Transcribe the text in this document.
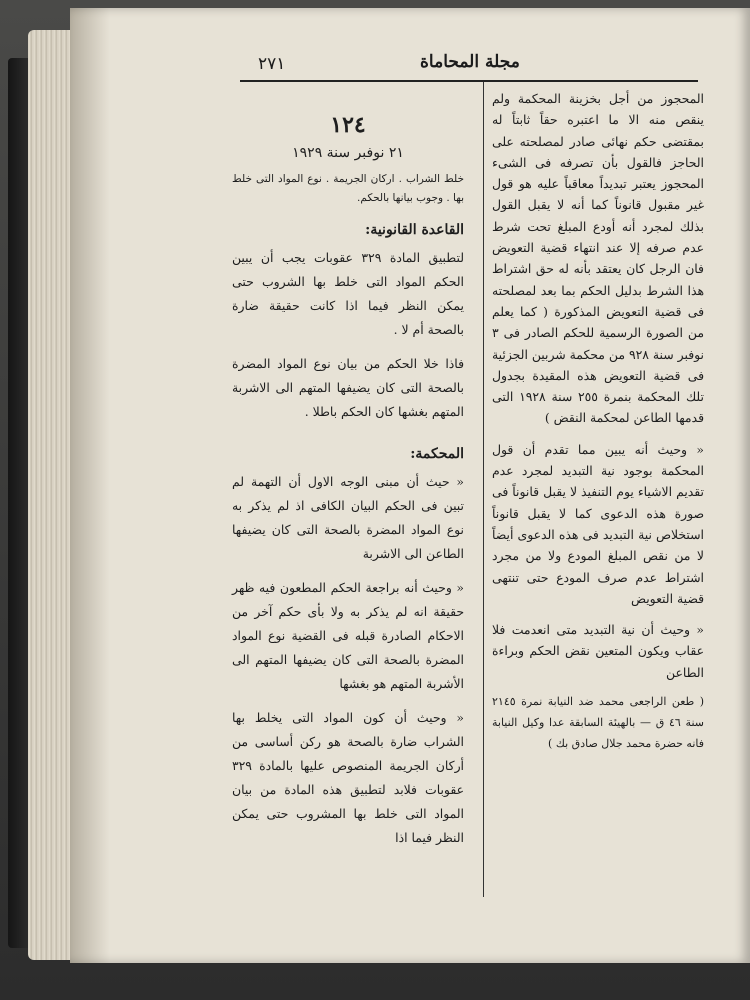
٢٧١	مجلة المحاماة

المحجوز من أجل بخزينة المحكمة ولم ينقص منه الا ما اعتبره حقاً ثابتاً له بمقتضى حكم نهائى صادر لمصلحته على الحاجز فالقول بأن تصرفه فى الشىء المحجوز يعتبر تبديداً معاقباً عليه هو قول غير مقبول قانوناً كما أنه لا يقبل القول بذلك لمجرد أنه أودع المبلغ تحت شرط عدم صرفه إلا عند انتهاء قضية التعويض فان الرجل كان يعتقد بأنه له حق اشتراط هذا الشرط بدليل الحكم بما بعد لمصلحته فى قضية التعويض المذكورة ( كما يعلم من الصورة الرسمية للحكم الصادر فى ٣ نوفبر سنة ٩٢٨ من محكمة شربين الجزئية فى قضية التعويض هذه المقيدة بجدول تلك المحكمة بنمرة ٢٥٥ سنة ١٩٢٨ التى قدمها الطاعن لمحكمة النقض )

« وحيث أنه يبين مما تقدم أن قول المحكمة بوجود نية التبديد لمجرد عدم تقديم الاشياء يوم التنفيذ لا يقبل قانوناً فى صورة هذه الدعوى كما لا يقبل قانوناً استخلاص نية التبديد فى هذه الدعوى أيضاً لا من نقص المبلغ المودع ولا من مجرد اشتراط عدم صرف المودع حتى تنتهى قضية التعويض

« وحيث أن نية التبديد متى انعدمت فلا عقاب ويكون المتعين نقض الحكم وبراءة الطاعن

( طعن الراجعى محمد ضد النيابة نمرة ٢١٤٥ سنة ٤٦ ق — بالهيئة السابقة عدا وكيل النيابة فانه حضرة محمد جلال صادق بك )

١٢٤
٢١ نوفبر سنة ١٩٢٩
خلط الشراب . اركان الجريمة . نوع المواد التى خلط بها . وجوب بيانها بالحكم.
القاعدة القانونية:

لتطبيق المادة ٣٢٩ عقوبات يجب أن يبين الحكم المواد التى خلط بها الشروب حتى يمكن النظر فيما اذا كانت حقيقة ضارة بالصحة أم لا .

فاذا خلا الحكم من بيان نوع المواد المضرة بالصحة التى كان يضيفها المتهم الى الاشربة المتهم بغشها كان الحكم باطلا .

المحكمة:

« حيث أن مبنى الوجه الاول أن التهمة لم تبين فى الحكم البيان الكافى اذ لم يذكر به نوع المواد المضرة بالصحة التى كان يضيفها الطاعن الى الاشربة

« وحيث أنه براجعة الحكم المطعون فيه ظهر حقيقة انه لم يذكر به ولا بأى حكم آخر من الاحكام الصادرة قبله فى القضية نوع المواد المضرة بالصحة التى كان يضيفها المتهم الى الأشربة المتهم هو بغشها

« وحيث أن كون المواد التى يخلط بها الشراب ضارة بالصحة هو ركن أساسى من أركان الجريمة المنصوص عليها بالمادة ٣٢٩ عقوبات فلابد لتطبيق هذه المادة من بيان المواد التى خلط بها المشروب حتى يمكن النظر فيما اذا
